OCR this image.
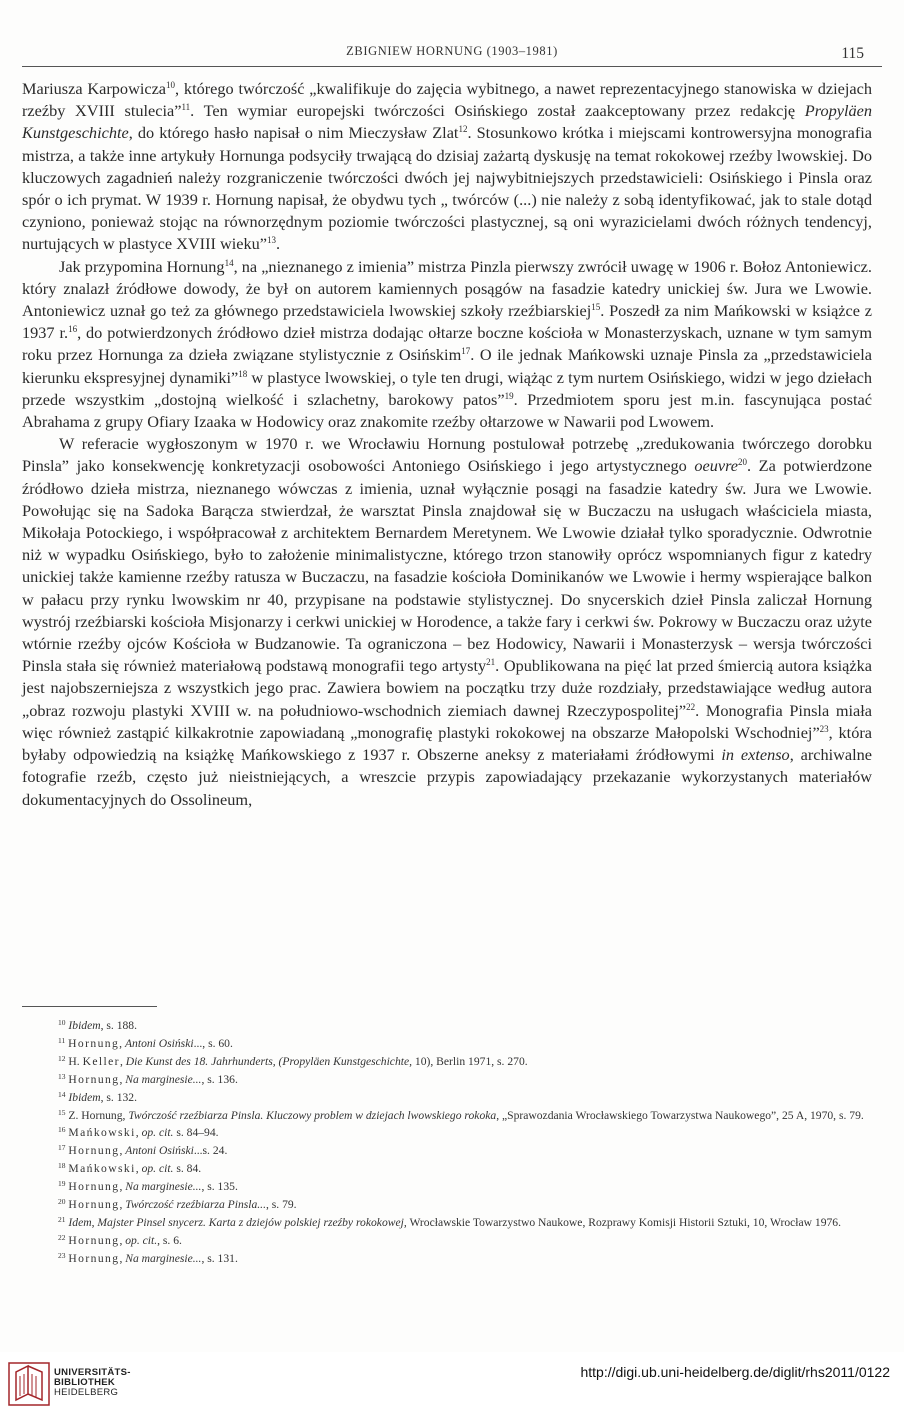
ZBIGNIEW HORNUNG (1903–1981)	115

Mariusza Karpowicza$^{10}$, którego twórczość „kwalifikuje do zajęcia wybitnego, a nawet reprezentacyjnego stanowiska w dziejach rzeźby XVIII stulecia”$^{11}$. Ten wymiar europejski twórczości Osińskiego został zaakceptowany przez redakcję Propyläen Kunstgeschichte, do którego hasło napisał o nim Mieczysław Zlat$^{12}$. Stosunkowo krótka i miejscami kontrowersyjna monografia mistrza, a także inne artykuły Hornunga podsyciły trwającą do dzisiaj zażartą dyskusję na temat rokokowej rzeźby lwowskiej. Do kluczowych zagadnień należy rozgraniczenie twórczości dwóch jej najwybitniejszych przedstawicieli: Osińskiego i Pinsla oraz spór o ich prymat. W 1939 r. Hornung napisał, że obydwu tych „ twórców (...) nie należy z sobą identyfikować, jak to stale dotąd czyniono, ponieważ stojąc na równorzędnym poziomie twórczości plastycznej, są oni wyrazicielami dwóch różnych tendencyj, nurtujących w plastyce XVIII wieku”$^{13}$.

Jak przypomina Hornung$^{14}$, na „nieznanego z imienia” mistrza Pinzla pierwszy zwrócił uwagę w 1906 r. Bołoz Antoniewicz. który znalazł źródłowe dowody, że był on autorem kamiennych posągów na fasadzie katedry unickiej św. Jura we Lwowie. Antoniewicz uznał go też za głównego przedstawiciela lwowskiej szkoły rzeźbiarskiej$^{15}$. Poszedł za nim Mańkowski w książce z 1937 r.$^{16}$, do potwierdzonych źródłowo dzieł mistrza dodając ołtarze boczne kościoła w Monasterzyskach, uznane w tym samym roku przez Hornunga za dzieła związane stylistycznie z Osińskim$^{17}$. O ile jednak Mańkowski uznaje Pinsla za „przedstawiciela kierunku ekspresyjnej dynamiki”$^{18}$ w plastyce lwowskiej, o tyle ten drugi, wiążąc z tym nurtem Osińskiego, widzi w jego dziełach przede wszystkim „dostojną wielkość i szlachetny, barokowy patos”$^{19}$. Przedmiotem sporu jest m.in. fascynująca postać Abrahama z grupy Ofiary Izaaka w Hodowicy oraz znakomite rzeźby ołtarzowe w Nawarii pod Lwowem.

W referacie wygłoszonym w 1970 r. we Wrocławiu Hornung postulował potrzebę „zredukowania twórczego dorobku Pinsla” jako konsekwencję konkretyzacji osobowości Antoniego Osińskiego i jego artystycznego oeuvre$^{20}$. Za potwierdzone źródłowo dzieła mistrza, nieznanego wówczas z imienia, uznał wyłącznie posągi na fasadzie katedry św. Jura we Lwowie. Powołując się na Sadoka Barącza stwierdzał, że warsztat Pinsla znajdował się w Buczaczu na usługach właściciela miasta, Mikołaja Potockiego, i współpracował z architektem Bernardem Meretynem. We Lwowie działał tylko sporadycznie. Odwrotnie niż w wypadku Osińskiego, było to założenie minimalistyczne, którego trzon stanowiły oprócz wspomnianych figur z katedry unickiej także kamienne rzeźby ratusza w Buczaczu, na fasadzie kościoła Dominikanów we Lwowie i hermy wspierające balkon w pałacu przy rynku lwowskim nr 40, przypisane na podstawie stylistycznej. Do snycerskich dzieł Pinsla zaliczał Hornung wystrój rzeźbiarski kościoła Misjonarzy i cerkwi unickiej w Horodence, a także fary i cerkwi św. Pokrowy w Buczaczu oraz użyte wtórnie rzeźby ojców Kościoła w Budzanowie. Ta ograniczona – bez Hodowicy, Nawarii i Monasterzysk – wersja twórczości Pinsla stała się również materiałową podstawą monografii tego artysty$^{21}$. Opublikowana na pięć lat przed śmiercią autora książka jest najobszerniejsza z wszystkich jego prac. Zawiera bowiem na początku trzy duże rozdziały, przedstawiające według autora „obraz rozwoju plastyki XVIII w. na południowo-wschodnich ziemiach dawnej Rzeczypospolitej”$^{22}$. Monografia Pinsla miała więc również zastąpić kilkakrotnie zapowiadaną „monografię plastyki rokokowej na obszarze Małopolski Wschodniej”$^{23}$, która byłaby odpowiedzią na książkę Mańkowskiego z 1937 r. Obszerne aneksy z materiałami źródłowymi in extenso, archiwalne fotografie rzeźb, często już nieistniejących, a wreszcie przypis zapowiadający przekazanie wykorzystanych materiałów dokumentacyjnych do Ossolineum,

$^{10}$ Ibidem, s. 188.

$^{11}$ Hornung, Antoni Osiński..., s. 60.

$^{12}$ H. Keller, Die Kunst des 18. Jahrhunderts, (Propyläen Kunstgeschichte, 10), Berlin 1971, s. 270.

$^{13}$ Hornung, Na marginesie..., s. 136.

$^{14}$ Ibidem, s. 132.

$^{15}$ Z. Hornung, Twórczość rzeźbiarza Pinsla. Kluczowy problem w dziejach lwowskiego rokoka, „Sprawozdania Wrocławskiego Towarzystwa Naukowego”, 25 A, 1970, s. 79.

$^{16}$ Mańkowski, op. cit. s. 84–94.

$^{17}$ Hornung, Antoni Osiński...s. 24.

$^{18}$ Mańkowski, op. cit. s. 84.

$^{19}$ Hornung, Na marginesie..., s. 135.

$^{20}$ Hornung, Twórczość rzeźbiarza Pinsla..., s. 79.

$^{21}$ Idem, Majster Pinsel snycerz. Karta z dziejów polskiej rzeźby rokokowej, Wrocławskie Towarzystwo Naukowe, Rozprawy Komisji Historii Sztuki, 10, Wrocław 1976.

$^{22}$ Hornung, op. cit., s. 6.

$^{23}$ Hornung, Na marginesie..., s. 131.

UNIVERSITÄTS-
BIBLIOTHEK
HEIDELBERG
http://digi.ub.uni-heidelberg.de/diglit/rhs2011/0122
